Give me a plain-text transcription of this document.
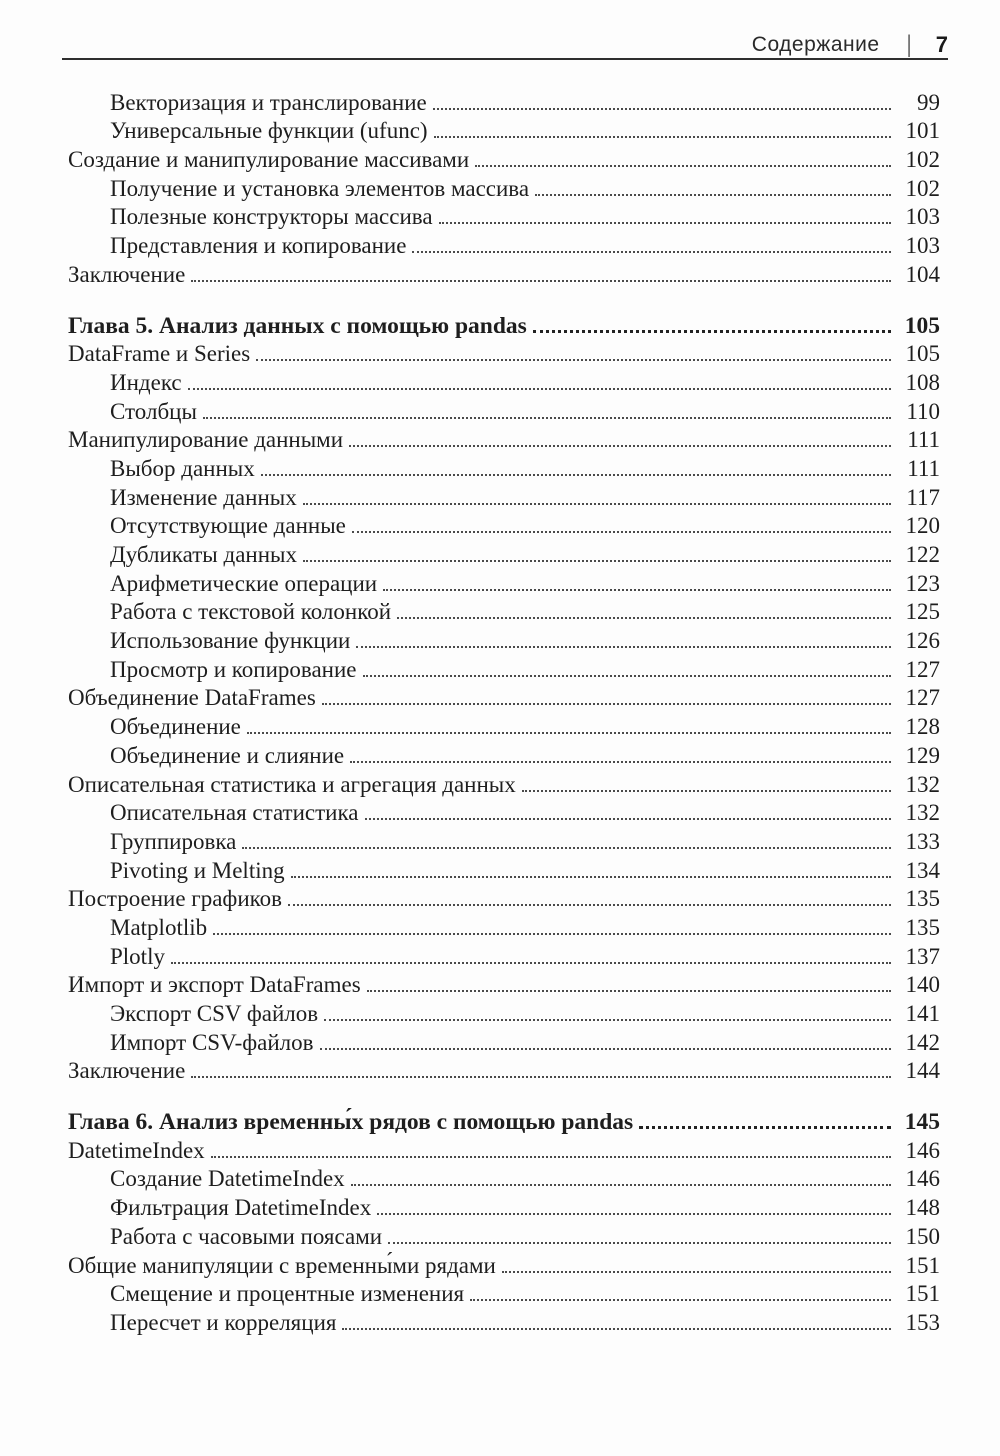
Содержание | 7
Векторизация и транслирование	99
Универсальные функции (ufunc)	101
Создание и манипулирование массивами	102
Получение и установка элементов массива	102
Полезные конструкторы массива	103
Представления и копирование	103
Заключение	104
Глава 5. Анализ данных с помощью pandas	105
DataFrame и Series	105
Индекс	108
Столбцы	110
Манипулирование данными	111
Выбор данных	111
Изменение данных	117
Отсутствующие данные	120
Дубликаты данных	122
Арифметические операции	123
Работа с текстовой колонкой	125
Использование функции	126
Просмотр и копирование	127
Объединение DataFrames	127
Объединение	128
Объединение и слияние	129
Описательная статистика и агрегация данных	132
Описательная статистика	132
Группировка	133
Pivoting и Melting	134
Построение графиков	135
Matplotlib	135
Plotly	137
Импорт и экспорт DataFrames	140
Экспорт CSV файлов	141
Импорт CSV-файлов	142
Заключение	144
Глава 6. Анализ временны́х рядов с помощью pandas	145
DatetimeIndex	146
Создание DatetimeIndex	146
Фильтрация DatetimeIndex	148
Работа с часовыми поясами	150
Общие манипуляции с временны́ми рядами	151
Смещение и процентные изменения	151
Пересчет и корреляция	153
